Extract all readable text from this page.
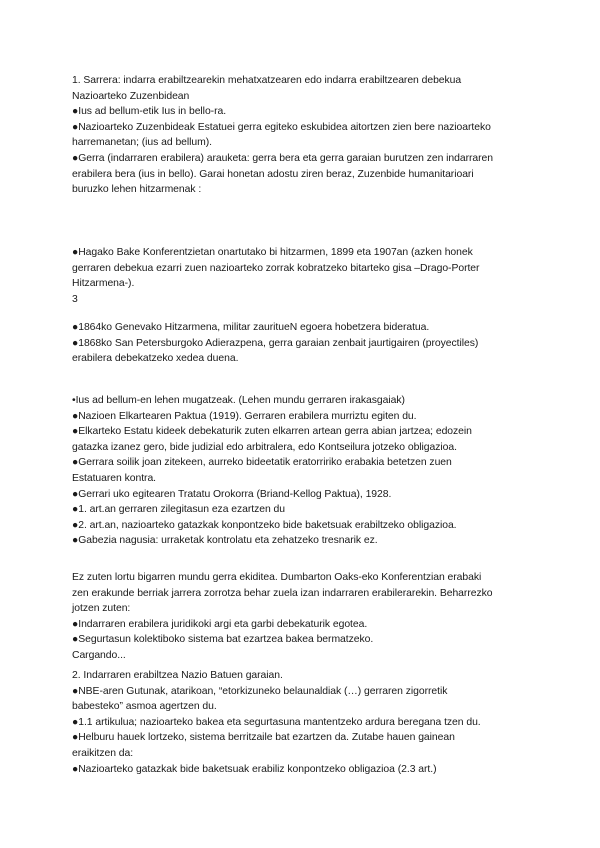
1. Sarrera: indarra erabiltzearekin mehatxatzearen edo indarra erabiltzearen debekua
Nazioarteko Zuzenbidean
●Ius ad bellum-etik Ius in bello-ra.
●Nazioarteko Zuzenbideak Estatuei gerra egiteko eskubidea aitortzen zien bere nazioarteko
harremanetan; (ius ad bellum).
●Gerra (indarraren erabilera) arauketa: gerra bera eta gerra garaian burutzen zen indarraren
erabilera bera (ius in bello). Garai honetan adostu ziren beraz, Zuzenbide humanitarioari
buruzko lehen hitzarmenak :
●Hagako Bake Konferentzietan onartutako bi hitzarmen, 1899 eta 1907an (azken honek
gerraren debekua ezarri zuen nazioarteko zorrak kobratzeko bitarteko gisa –Drago-Porter
Hitzarmena-).
3
●1864ko Genevako Hitzarmena, militar zauritueN egoera hobetzera bideratua.
●1868ko San Petersburgoko Adierazpena, gerra garaian zenbait jaurtigairen (proyectiles)
erabilera debekatzeko xedea duena.
•Ius ad bellum-en lehen mugatzeak. (Lehen mundu gerraren irakasgaiak)
●Nazioen Elkartearen Paktua (1919). Gerraren erabilera murriztu egiten du.
●Elkarteko Estatu kideek debekaturik zuten elkarren artean gerra abian jartzea; edozein
gatazka izanez gero, bide judizial edo arbitralera, edo Kontseilura jotzeko obligazioa.
●Gerrara soilik joan zitekeen, aurreko bideetatik eratorririko erabakia betetzen zuen
Estatuaren kontra.
●Gerrari uko egitearen Tratatu Orokorra (Briand-Kellog Paktua), 1928.
●1. art.an gerraren zilegitasun eza ezartzen du
●2. art.an, nazioarteko gatazkak konpontzeko bide baketsuak erabiltzeko obligazioa.
●Gabezia nagusia: urraketak kontrolatu eta zehatzeko tresnarik ez.
Ez zuten lortu bigarren mundu gerra ekiditea. Dumbarton Oaks-eko Konferentzian erabaki
zen erakunde berriak jarrera zorrotza behar zuela izan indarraren erabilerarekin. Beharrezko
jotzen zuten:
●Indarraren erabilera juridikoki argi eta garbi debekaturik egotea.
●Segurtasun kolektiboko sistema bat ezartzea bakea bermatzeko.
Cargando...
2. Indarraren erabiltzea Nazio Batuen garaian.
●NBE-aren Gutunak, atarikoan, “etorkizuneko belaunaldiak (…) gerraren zigorretik
babesteko” asmoa agertzen du.
●1.1 artikulua; nazioarteko bakea eta segurtasuna mantentzeko ardura beregana tzen du.
●Helburu hauek lortzeko, sistema berritzaile bat ezartzen da. Zutabe hauen gainean
eraikitzen da:
●Nazioarteko gatazkak bide baketsuak erabiliz konpontzeko obligazioa (2.3 art.)
